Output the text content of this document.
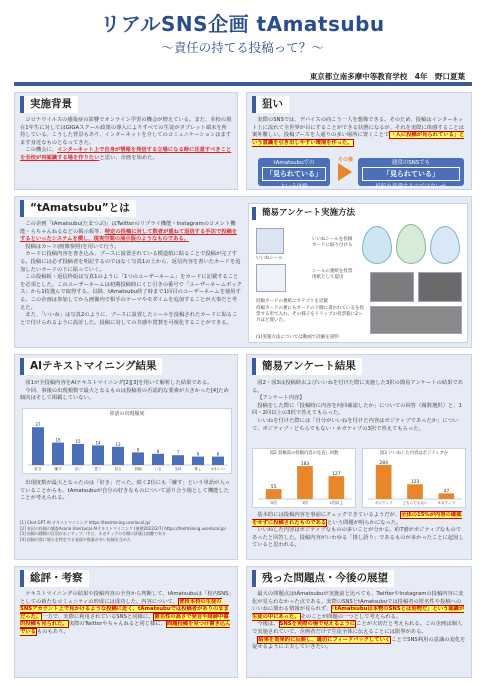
リアルSNS企画 tAmatsubu
〜責任の持てる投稿って？〜
東京都立南多摩中等教育学校　4年　野口夏葉
実施背景

コロナウイルスの感染症の影響でオンライン学習の機会が増えている。また、本校の現在1年生に対してはGIGAスクール政策の導入によりすべての生徒がタブレット端末を所持している。こうした背景もあり、インターネットを介してのコミュニケーションはますます身近なものとなってきた。

この機会に、インターネット上で自身が情報を発信する立場になる時に注意すべきことを全校が再認識する場を作りたいと思い、企画を始めた。

狙い

実際のSNSでは、デバイスの向こう一人を想像できる。そのため、投稿はインターネット上に流れて全世界が目にすることができる状態になるが、それを実際に体感することは案外難しい。投稿ブースを人通りの多い場所に置くことで「人に投稿が見られている」という意識を引き出しやすい環境を作った。

tAmatsubuでの
「見られている」
という体験
その後	通常のSNSでも
「見られている」
投稿を意識するのではないか
“tAmatsubu”とは

この企画「tAmatsubu(たまつぶ)」はTwitterのリプライ機能・Instagramのコメント機能・らちゃんねるなどの掲示板等、特定の投稿に対して数者が重ねて返信する手法で投稿をするといったシステムを模し、現実空間の展示版のようなものである。

投稿はカード(画像参照)を用いて行う。

カードに投稿内容を書き込み、ブースに設置されている模造紙に貼ることで投稿が完了する。投稿には必ず投稿者を明記するのではなく写真1の上から、返信内容を書いたカードを追加したいカードの下に貼っていく。

この投稿板・返信枠版は写真1のように「1つのユーザーネーム」をカードに記載することを必須とした。このユーザーネームは初期投稿時にくじ引きの番号で「ユーザーネームボックス」から1枚選んで取得する。以降、tAmatsubu終了時まで1回目のユーザーネームを使用する。この企画は参加してから画像内で相手のテーマやモダイムを追加することが大事だと考えた。

また、「いいね」は写真2のように、ブースに設置したシールを投稿されたカードに貼ることで付けられるように設計した。投稿に対しての共感や賞賛を可視化することができる。

簡易アンケート実施方法
いいねシール
いいねシールを投稿カードに貼り付ける
シールの裏紙を投票用紙として提出
投稿カードの裏紙にカテゴリを記載
投稿カードの裏にもカードの下側に書かれているを投票する形で入れ、その様子をドリップの投票箱に2ヶ月ほど置いた。
(1)実施方法については動画で詳細を説明
AIテキストマイニング結果

図1が全投稿内容をAIテキストマイニング[2][3]を用いて解析した結果である。

今回、事後の出現頻数で最大となるものは投稿者の否認的な要素が大きかった[4]ため傾向はそして掲載していない。

単語の出現頻度
27
好き
16
嫌す
15
良い
14
思う
13
見る
9
投稿
8
いる
7
全体
6
推し
6
かわいい

出現度数が最大となったのは「好き」だった。続く2位にも「嫌す」という単語が入っていることからも、tAmatsubuが自分の好きなものについて話り合う場として機能したことが考えられる。

[1] Chat GPT AI テキストマイニング https://textmining.userlocal.jp/
[2] 本田の投稿の調査Asana UserLocal AIテキストマイニング (参照2022/2/7) https://textmining.userlocal.jp/
[3] 投稿の種類の区別がポジティブ、中立、ネガティブの分類の評価は困難である
[4] 投稿内容に個人を特定する表現や数量が多い投稿を含めた
簡易アンケート結果

図2・図3は投稿時およびいいねを付けた際に実施した3択の簡易アンケートの結果である。

【アンケート内容】

投稿をした際に「投稿時に内容を何回確認したか」についての回答（複数選択）と、1回・2回以上の3択で答えてもらった。

いいねを付けた際には「自分がいいねを付けた内容はポジティブであったか」について、ポジティブ・どちらでもない・ネガティブの3択で答えてもらった。

図2 投稿前の投稿内容の見直し回数
55
0回
183
1回
127
2回以上
図3 いいねした内容はポジティブか
284
ポジティブ
123
どちらでもない
47
ネガティブ

基本的には投稿内容を事前にチェックできているようだが、全体の15%が内容の確認をせずに投稿されたものであるという問題が明らかになった。

いいねした内容はポジティブなものの多いことが分かる。約7割がポジティブなものであったと回答した。投稿内容がいわゆる「推し語り」であるものが多かったことに起因していると思われる。

総評・考察

テキストマイニングの結果や投稿内容の全容から判断して、tAmatsubuは「校内SNS」としての新たなコミュニティの形成には成功した。内容について、普段本校の生徒のSNSアカウント上で見かけるような投稿に近く、tAmatsubuでは投稿者がありのままだった。一方で、実際に利用されているSNSと同様に、匿名性の高さで発言や誹謗中傷的投稿も見られた。実際のTwitterやちゃんねると同じ様に、問題投稿を見つけ書き込んでいるものもあり。

残った問題点・今後の展望

最大の問題点はtAmatsubuが実施前と比べても、TwitterやInstagramの投稿内容に変化が見られなかった点である。実際のSNSとtAmatsubuでは投稿者の匿名性や投稿へのいいねに関わる情報が見られず、「tAmatsubuは本物のSNSとは別物だ」という認識が生徒の中にあった。そのことが問題の一つとして考えられる。

今後は、SNSを実際の場で見えるようにことが大切だと考えられる。この企画は個人で実施されていて、企画者だけで生徒全体に伝えることには限界がある。

結果を効果的に反映し、適切にフィードバックしていくことでSNS利用の意識の変化を促せるように工夫していきたい。
